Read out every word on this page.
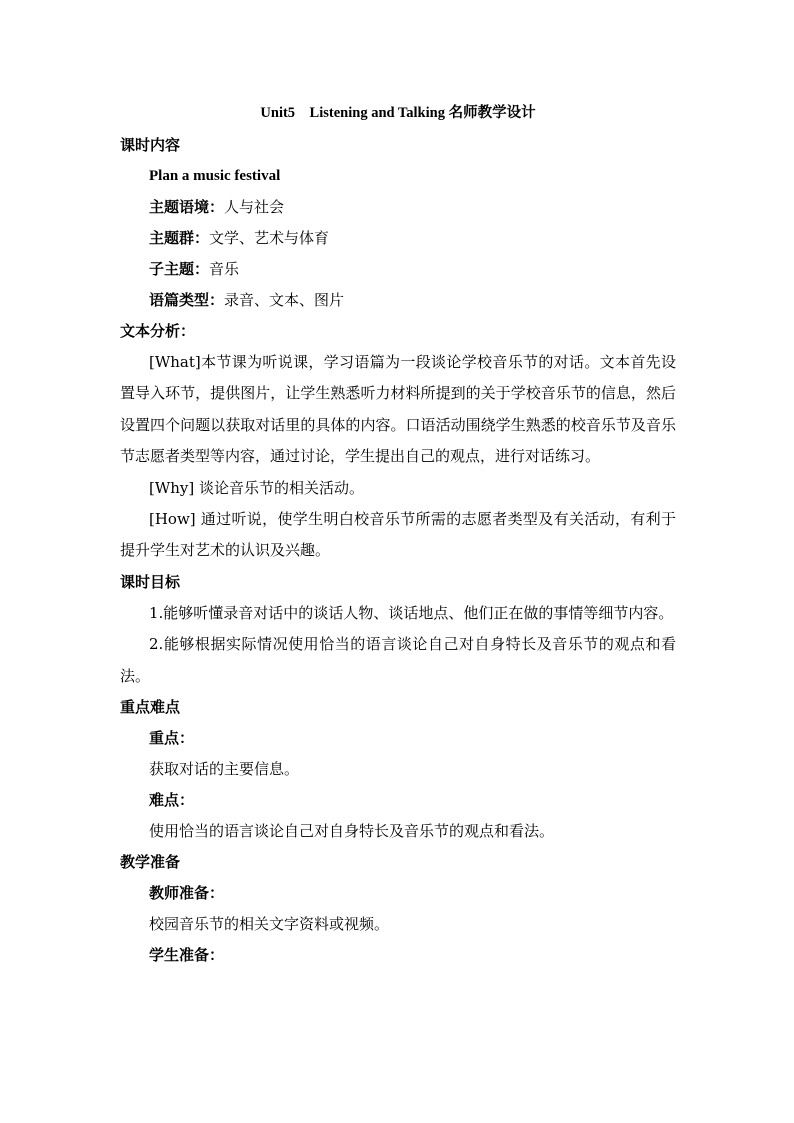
Unit5　Listening and Talking 名师教学设计
课时内容
Plan a music festival
主题语境：人与社会
主题群：文学、艺术与体育
子主题：音乐
语篇类型：录音、文本、图片
文本分析：
[What]本节课为听说课，学习语篇为一段谈论学校音乐节的对话。文本首先设置导入环节，提供图片，让学生熟悉听力材料所提到的关于学校音乐节的信息，然后设置四个问题以获取对话里的具体的内容。口语活动围绕学生熟悉的校音乐节及音乐节志愿者类型等内容，通过讨论，学生提出自己的观点，进行对话练习。
[Why] 谈论音乐节的相关活动。
[How] 通过听说，使学生明白校音乐节所需的志愿者类型及有关活动，有利于提升学生对艺术的认识及兴趣。
课时目标
1.能够听懂录音对话中的谈话人物、谈话地点、他们正在做的事情等细节内容。
2.能够根据实际情况使用恰当的语言谈论自己对自身特长及音乐节的观点和看法。
重点难点
重点：
获取对话的主要信息。
难点：
使用恰当的语言谈论自己对自身特长及音乐节的观点和看法。
教学准备
教师准备：
校园音乐节的相关文字资料或视频。
学生准备：
